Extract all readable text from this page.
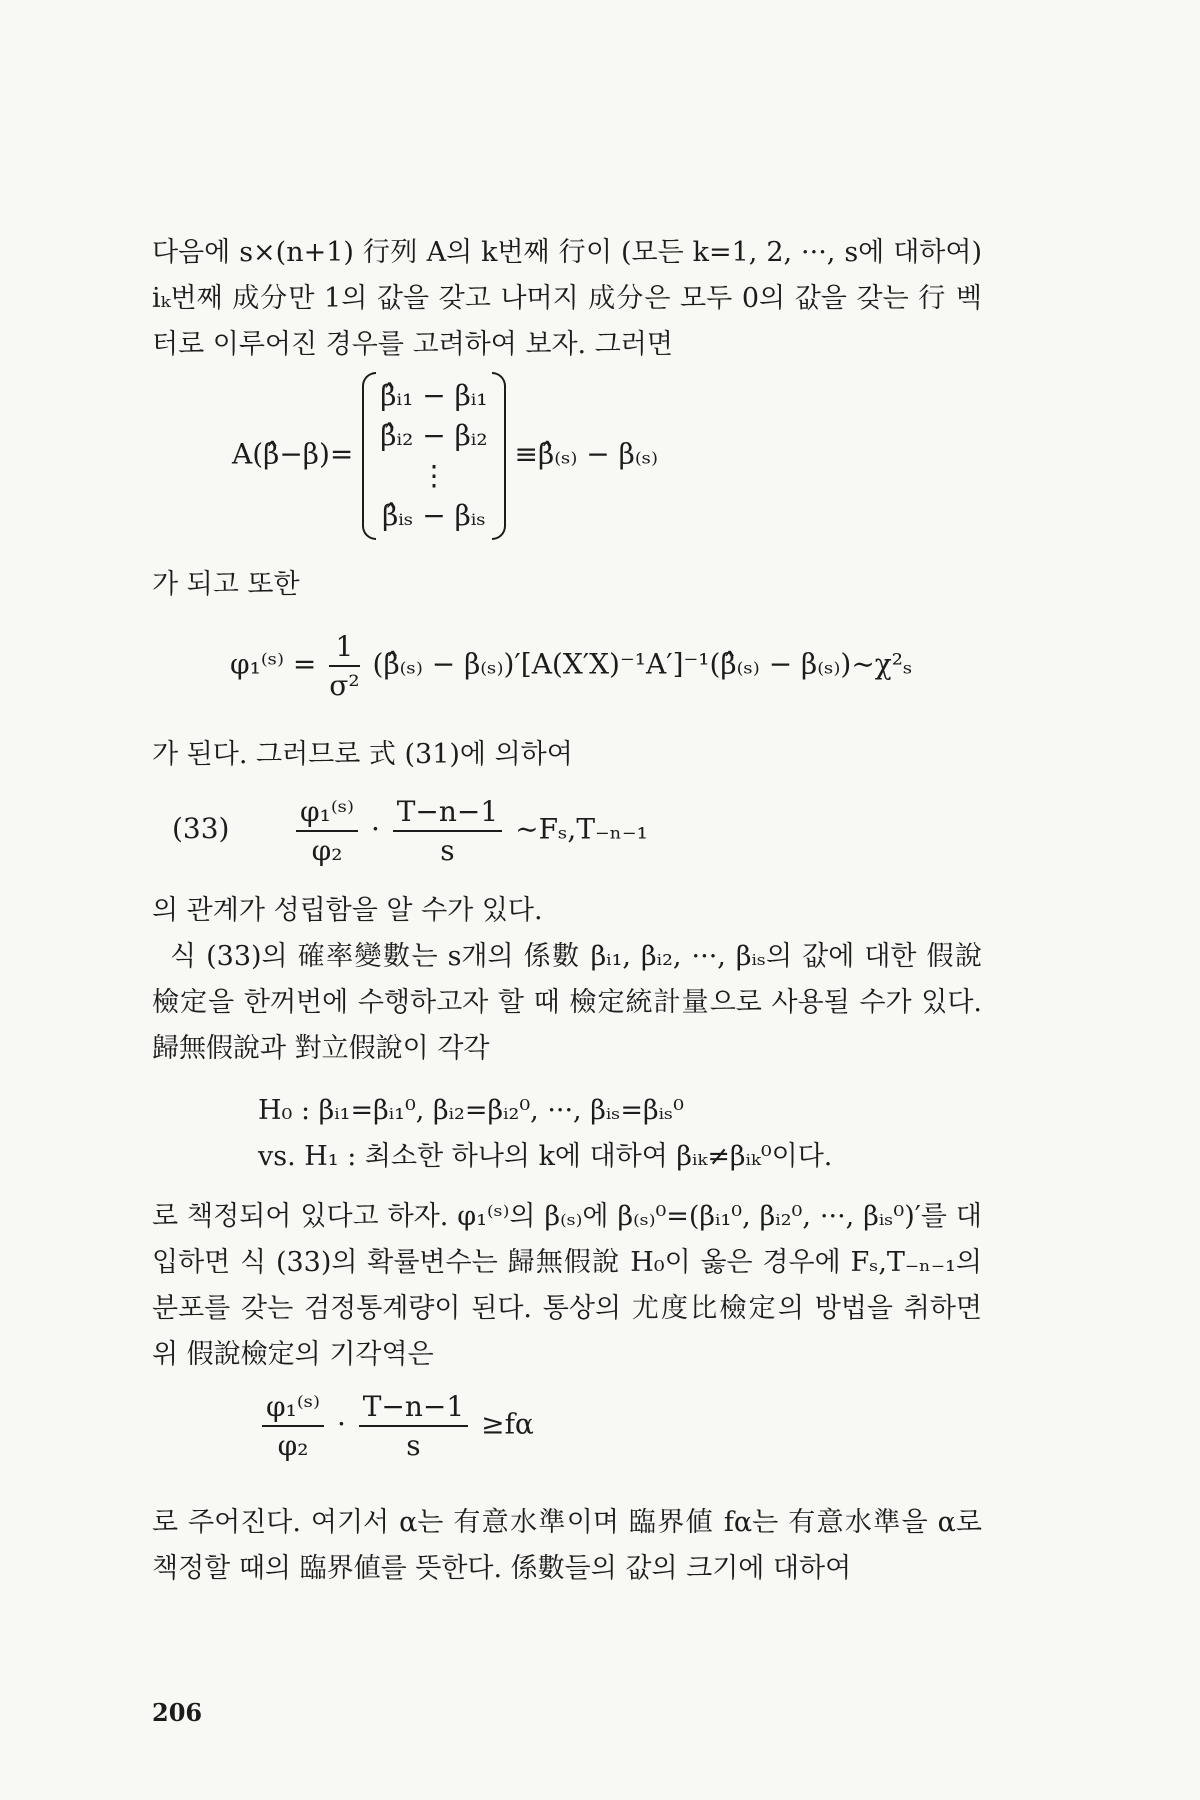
다음에 s×(n+1) 行列 A의 k번째 行이 (모든 k=1, 2, ···, s에 대하여) iₖ번째 成分만 1의 값을 갖고 나머지 成分은 모두 0의 값을 갖는 行 벡터로 이루어진 경우를 고려하여 보자. 그러면

A(β̂−β)=
β̂ᵢ₁ − βᵢ₁
β̂ᵢ₂ − βᵢ₂
⋮
β̂ᵢₛ − βᵢₛ
≡β̂₍ₛ₎ − β₍ₛ₎

가 되고 또한

φ₁⁽ˢ⁾ = $\frac{1}{\text{σ²}}$ (β̂₍ₛ₎ − β₍ₛ₎)′[A(X′X)⁻¹A′]⁻¹(β̂₍ₛ₎ − β₍ₛ₎)∼χ²ₛ

가 된다. 그러므로 式 (31)에 의하여

$(33) \frac{\text{φ₁⁽ˢ⁾}}{\text{φ₂}} \cdot \frac{T-n-1}{s}$ ∼Fₛ,T₋ₙ₋₁

의 관계가 성립함을 알 수가 있다.

식 (33)의 確率變數는 s개의 係數 βᵢ₁, βᵢ₂, ···, βᵢₛ의 값에 대한 假說檢定을 한꺼번에 수행하고자 할 때 檢定統計量으로 사용될 수가 있다. 歸無假說과 對立假說이 각각

H₀ : βᵢ₁=βᵢ₁⁰, βᵢ₂=βᵢ₂⁰, ···, βᵢₛ=βᵢₛ⁰
vs. H₁ : 최소한 하나의 k에 대하여 βᵢₖ≠βᵢₖ⁰이다.

로 책정되어 있다고 하자. φ₁⁽ˢ⁾의 β₍ₛ₎에 β₍ₛ₎⁰=(βᵢ₁⁰, βᵢ₂⁰, ···, βᵢₛ⁰)′를 대입하면 식 (33)의 확률변수는 歸無假說 H₀이 옳은 경우에 Fₛ,T₋ₙ₋₁의 분포를 갖는 검정통계량이 된다. 통상의 尤度比檢定의 방법을 취하면 위 假說檢定의 기각역은

$\frac{\text{φ₁⁽ˢ⁾}}{\text{φ₂}} \cdot \frac{T-n-1}{s} \ge f\alpha$

로 주어진다. 여기서 α는 有意水準이며 臨界値 fα는 有意水準을 α로 책정할 때의 臨界値를 뜻한다. 係數들의 값의 크기에 대하여

206
